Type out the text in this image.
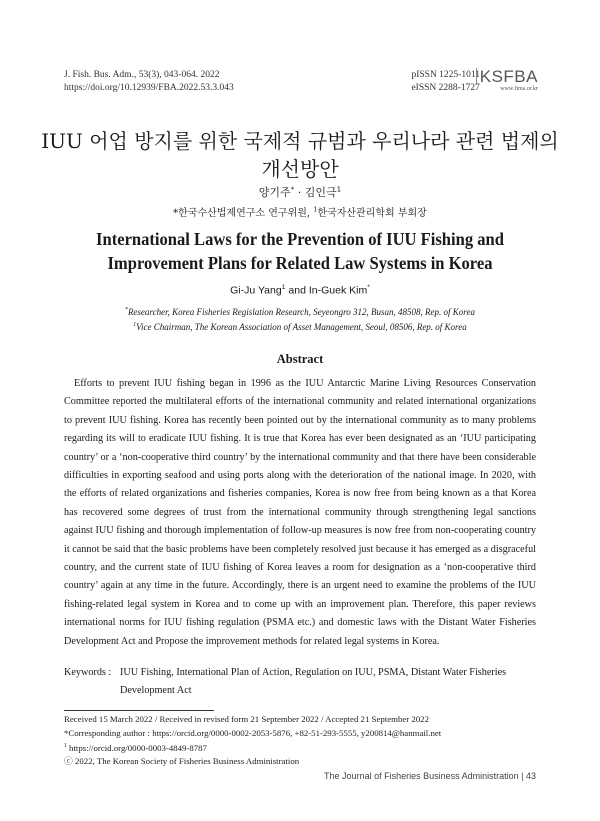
J. Fish. Bus. Adm., 53(3), 043-064. 2022
https://doi.org/10.12939/FBA.2022.53.3.043
pISSN 1225-1011
eISSN 2288-1727
KSFBA
www.fima.or.kr
IUU 어업 방지를 위한 국제적 규범과 우리나라 관련 법제의 개선방안
양기주* · 김인극$^1$
*한국수산법제연구소 연구위원, $^1$한국자산관리학회 부회장
International Laws for the Prevention of IUU Fishing and Improvement Plans for Related Law Systems in Korea
Gi-Ju Yang$^1$ and In-Guek Kim*
*Researcher, Korea Fisheries Regislation Research, Seyeongro 312, Busan, 48508, Rep. of Korea
$^1$Vice Chairman, The Korean Association of Asset Management, Seoul, 08506, Rep. of Korea
Abstract
Efforts to prevent IUU fishing began in 1996 as the IUU Antarctic Marine Living Resources Conservation Committee reported the multilateral efforts of the international community and related international organizations to prevent IUU fishing. Korea has recently been pointed out by the international community as to many problems regarding its will to eradicate IUU fishing. It is true that Korea has ever been designated as an ‘IUU participating country’ or a ‘non-cooperative third country’ by the international community and that there have been considerable difficulties in exporting seafood and using ports along with the deterioration of the national image. In 2020, with the efforts of related organizations and fisheries companies, Korea is now free from being known as a that Korea has recovered some degrees of trust from the international community through strengthening legal sanctions against IUU fishing and thorough implementation of follow-up measures is now free from non-cooperating country it cannot be said that the basic problems have been completely resolved just because it has emerged as a disgraceful country, and the current state of IUU fishing of Korea leaves a room for designation as a ‘non-cooperative third country’ again at any time in the future. Accordingly, there is an urgent need to examine the problems of the IUU fishing-related legal system in Korea and to come up with an improvement plan. Therefore, this paper reviews international norms for IUU fishing regulation (PSMA etc.) and domestic laws with the Distant Water Fisheries Development Act and Propose the improvement methods for related legal systems in Korea.
Keywords : IUU Fishing, International Plan of Action, Regulation on IUU, PSMA, Distant Water Fisheries Development Act
Received 15 March 2022 / Received in revised form 21 September 2022 / Accepted 21 September 2022
*Corresponding author : https://orcid.org/0000-0002-2053-5876, +82-51-293-5555, y200814@hanmail.net
$^1$ https://orcid.org/0000-0003-4849-8787
ⓒ 2022, The Korean Society of Fisheries Business Administration
The Journal of Fisheries Business Administration | 43
